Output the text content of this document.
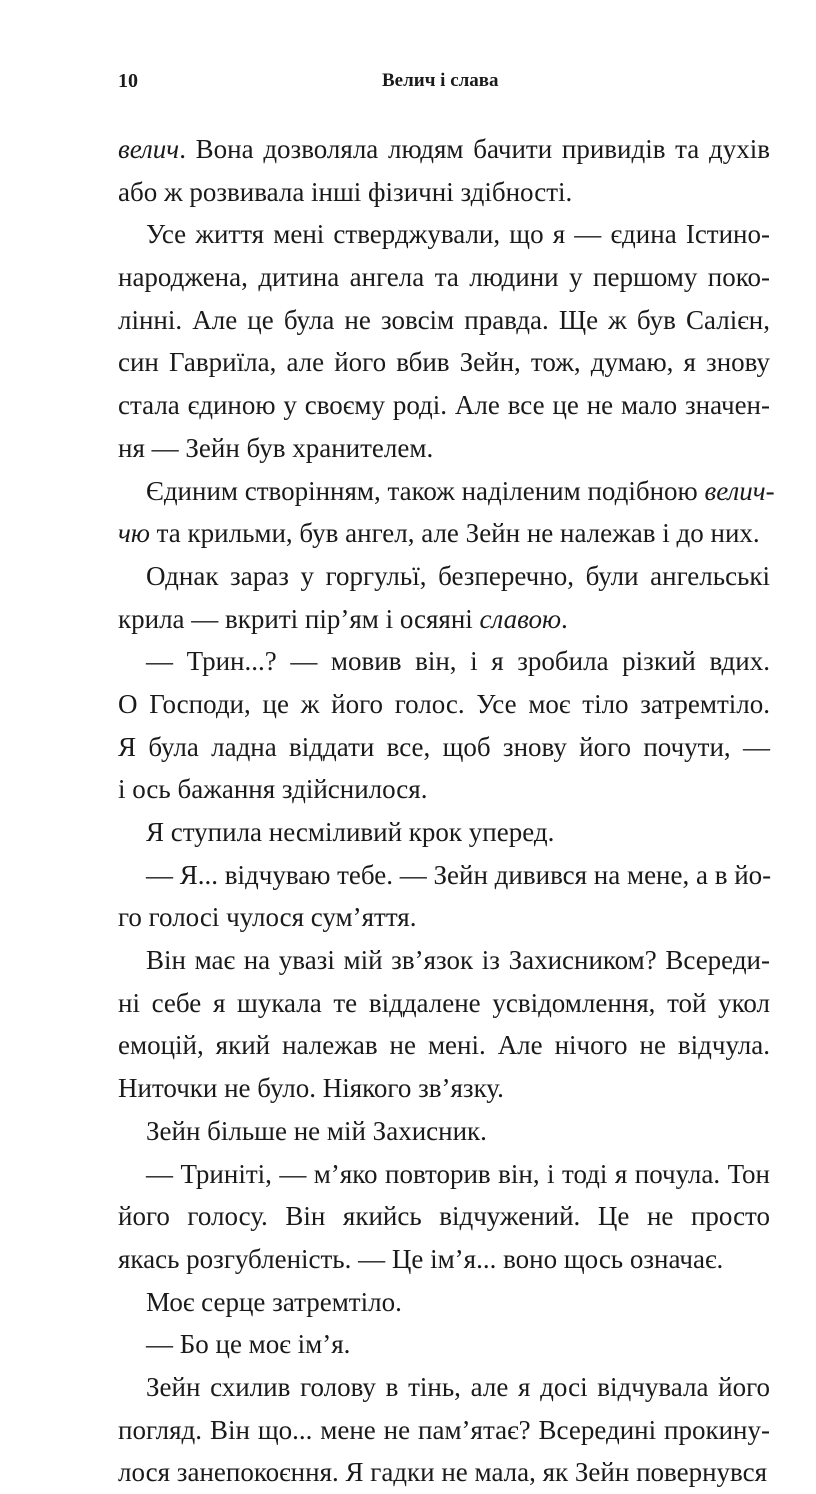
10	Велич і слава
велич. Вона дозволяла людям бачити привидів та духів
або ж розвивала інші фізичні здібності.
Усе життя мені стверджували, що я — єдина Істино-
народжена, дитина ангела та людини у першому поко-
лінні. Але це була не зовсім правда. Ще ж був Салієн,
син Гавриїла, але його вбив Зейн, тож, думаю, я знову
стала єдиною у своєму роді. Але все це не мало значен-
ня — Зейн був хранителем.
Єдиним створінням, також наділеним подібною велич-
чю та крильми, був ангел, але Зейн не належав і до них.
Однак зараз у горгульї, безперечно, були ангельські
крила — вкриті пір’ям і осяяні славою.
— Трин...? — мовив він, і я зробила різкий вдих.
О Господи, це ж його голос. Усе моє тіло затремтіло.
Я була ладна віддати все, щоб знову його почути, —
і ось бажання здійснилося.
Я ступила несміливий крок уперед.
— Я... відчуваю тебе. — Зейн дивився на мене, а в йо-
го голосі чулося сум’яття.
Він має на увазі мій зв’язок із Захисником? Всереди-
ні себе я шукала те віддалене усвідомлення, той укол
емоцій, який належав не мені. Але нічого не відчула.
Ниточки не було. Ніякого зв’язку.
Зейн більше не мій Захисник.
— Триніті, — м’яко повторив він, і тоді я почула. Тон
його голосу. Він якийсь відчужений. Це не просто
якась розгубленість. — Це ім’я... воно щось означає.
Моє серце затремтіло.
— Бо це моє ім’я.
Зейн схилив голову в тінь, але я досі відчувала його
погляд. Він що... мене не пам’ятає? Всередині прокину-
лося занепокоєння. Я гадки не мала, як Зейн повернувся
